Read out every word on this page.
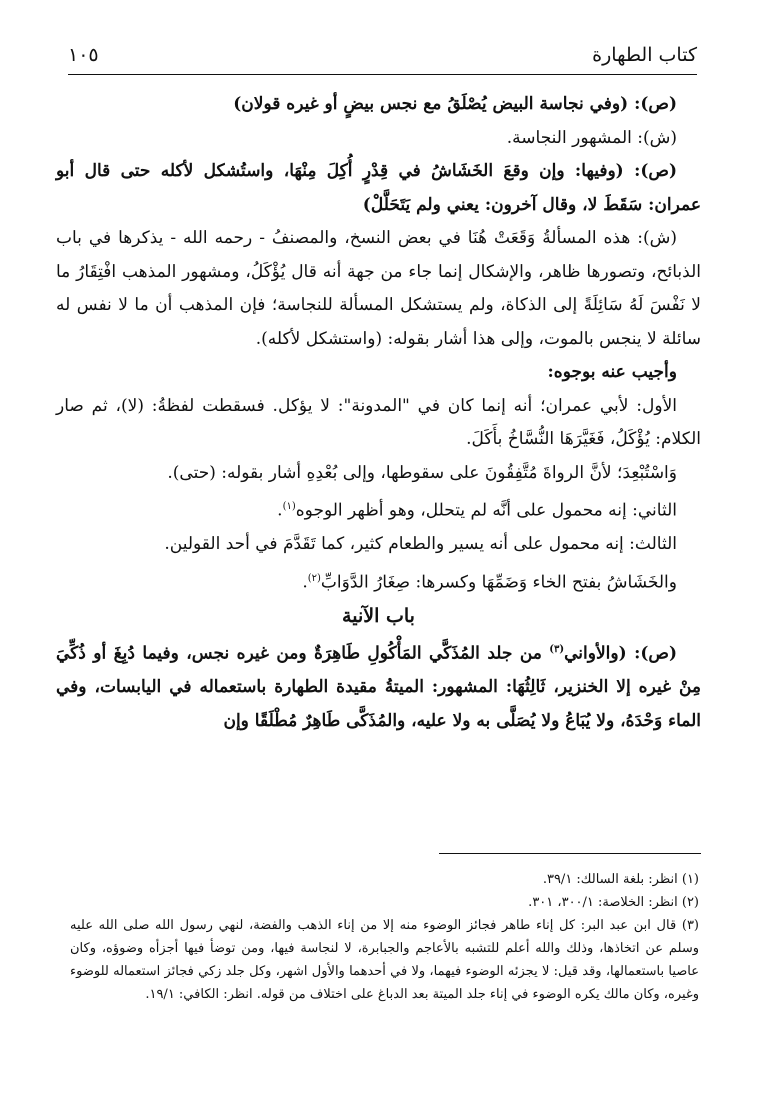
كتاب الطهارة
١٠٥

(ص): (وفي نجاسة البيض يُصْلَقُ مع نجس بيضٍ أو غيره قولان)

(ش): المشهور النجاسة.

(ص): (وفيها: وإن وقعَ الخَشَاشُ في قِدْرٍ أُكِلَ مِنْهَا، واستُشكل لأكله حتى قال أبو عمران: سَقَطَ لا، وقال آخرون: يعني ولم يَتَحَلَّلْ)

(ش): هذه المسألةُ وَقَعَتْ هُنَا في بعض النسخ، والمصنفُ - رحمه الله - يذكرها في باب الذبائح، وتصورها ظاهر، والإشكال إنما جاء من جهة أنه قال يُؤْكَلُ، ومشهور المذهب افْتِقَارُ ما لا نَفْسَ لَهُ سَائِلَةً إلى الذكاة، ولم يستشكل المسألة للنجاسة؛ فإن المذهب أن ما لا نفس له سائلة لا ينجس بالموت، وإلى هذا أشار بقوله: (واستشكل لأكله).

وأجيب عنه بوجوه:

الأول: لأبي عمران؛ أنه إنما كان في "المدونة": لا يؤكل. فسقطت لفظةُ: (لا)، ثم صار الكلام: يُؤْكَلُ، فَغَيَّرَهَا النُّسَّاخُ بأَكَلَ.

وَاسْتُبْعِدَ؛ لأنَّ الرواةَ مُتَّفِقُونَ على سقوطها، وإلى بُعْدِهِ أشار بقوله: (حتى).

الثاني: إنه محمول على أنَّه لم يتحلل، وهو أظهر الوجوه$^{(١)}$.

الثالث: إنه محمول على أنه يسير والطعام كثير، كما تَقَدَّمَ في أحد القولين.

والخَشَاشُ بفتح الخاء وَضَمِّهَا وكسرها: صِغَارُ الدَّوَابِّ$^{(٢)}$.

باب الآنية

(ص): (والأواني$^{(٣)}$ من جلد المُذَكَّي المَأْكُولِ طَاهِرَةٌ ومن غيره نجس، وفيما دُبِغَ أو ذُكِّيَ مِنْ غيره إلا الخنزير، ثَالِثُهَا: المشهور: الميتةُ مقيدة الطهارة باستعماله في اليابسات، وفي الماء وَحْدَهُ، ولا يُبَاعُ ولا يُصَلَّى به ولا عليه، والمُذَكَّى طَاهِرٌ مُطْلَقًا وإن

(١) انظر: بلغة السالك: ٣٩/١.

(٢) انظر: الخلاصة: ٣٠٠/١، ٣٠١.

(٣) قال ابن عبد البر: كل إناء طاهر فجائز الوضوء منه إلا من إناء الذهب والفضة، لنهي رسول الله صلى الله عليه وسلم عن اتخاذها، وذلك والله أعلم للتشبه بالأعاجم والجبابرة، لا لنجاسة فيها، ومن توضأ فيها أجزأه وضوؤه، وكان عاصيا باستعمالها، وقد قيل: لا يجزئه الوضوء فيهما، ولا في أحدهما والأول اشهر، وكل جلد زكي فجائز استعماله للوضوء وغيره، وكان مالك يكره الوضوء في إناء جلد الميتة بعد الدباغ على اختلاف من قوله. انظر: الكافي: ١٩/١.
